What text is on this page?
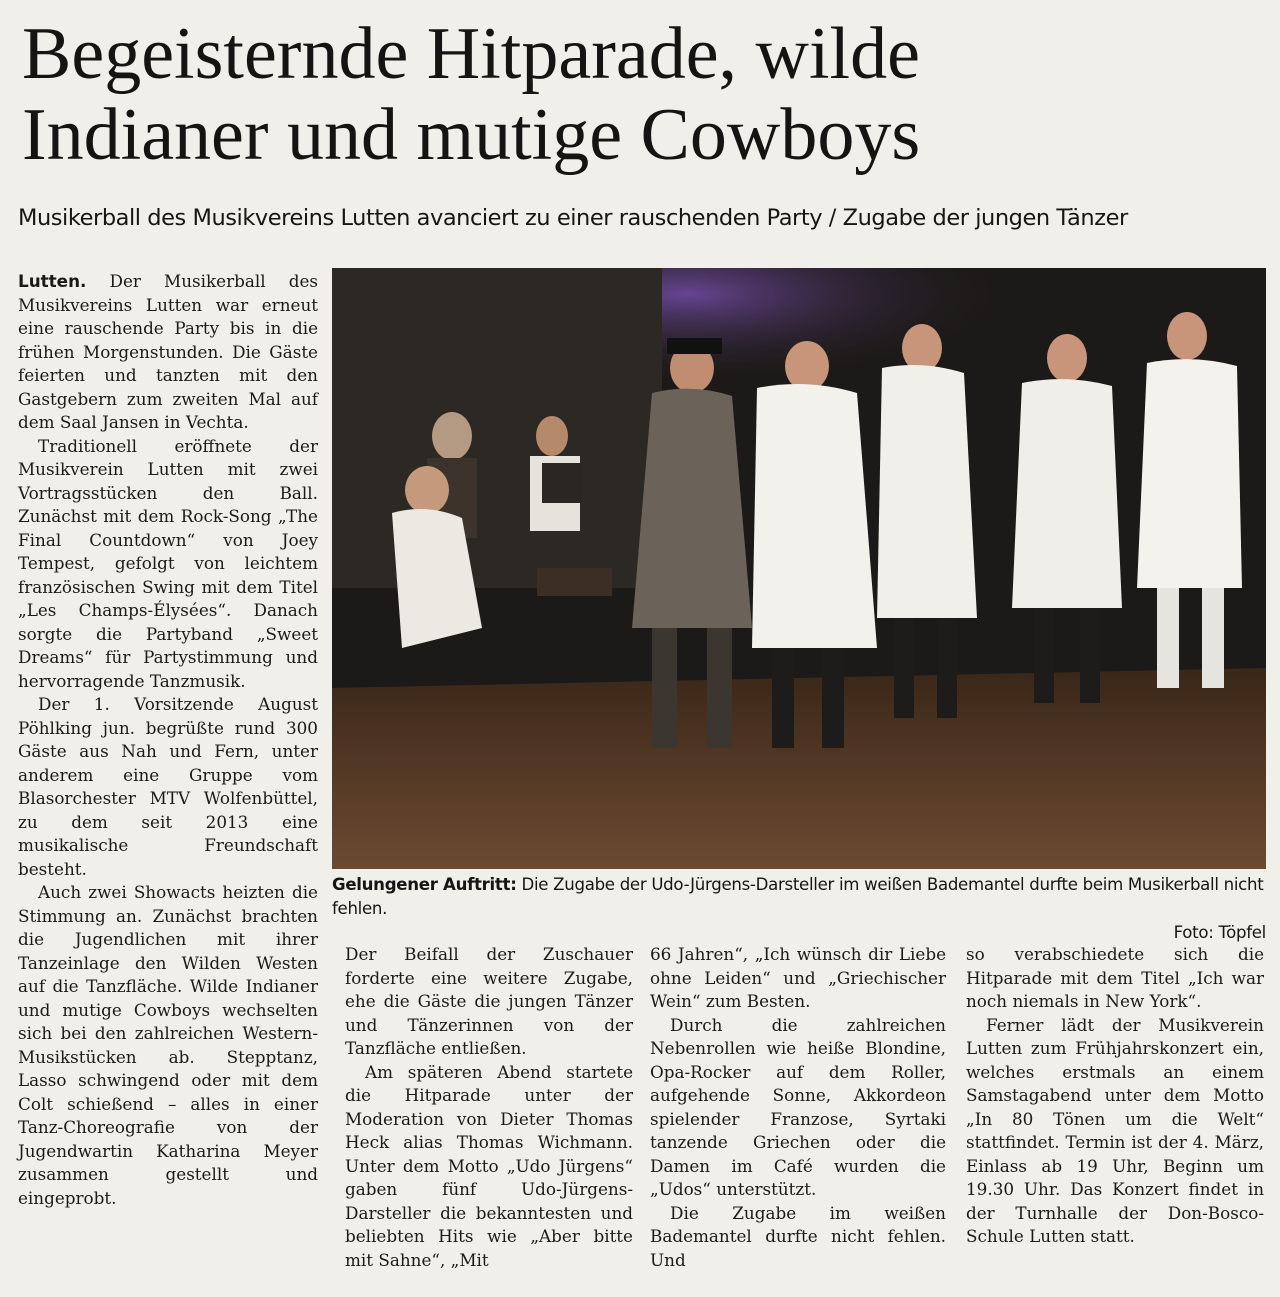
Begeisternde Hitparade, wilde
Indianer und mutige Cowboys
Musikerball des Musikvereins Lutten avanciert zu einer rauschenden Party / Zugabe der jungen Tänzer

Lutten. Der Musikerball des Musikvereins Lutten war erneut eine rauschende Party bis in die frühen Morgenstunden. Die Gäste feierten und tanzten mit den Gastgebern zum zweiten Mal auf dem Saal Jansen in Vechta.

Traditionell eröffnete der Musikverein Lutten mit zwei Vortragsstücken den Ball. Zunächst mit dem Rock-Song „The Final Countdown“ von Joey Tempest, gefolgt von leichtem französischen Swing mit dem Titel „Les Champs-Élysées“. Danach sorgte die Partyband „Sweet Dreams“ für Partystimmung und hervorragende Tanzmusik.

Der 1. Vorsitzende August Pöhlking jun. begrüßte rund 300 Gäste aus Nah und Fern, unter anderem eine Gruppe vom Blasorchester MTV Wolfenbüttel, zu dem seit 2013 eine musikalische Freundschaft besteht.

Auch zwei Showacts heizten die Stimmung an. Zunächst brachten die Jugendlichen mit ihrer Tanzeinlage den Wilden Westen auf die Tanzfläche. Wilde Indianer und mutige Cowboys wechselten sich bei den zahlreichen Western-Musikstücken ab. Stepptanz, Lasso schwingend oder mit dem Colt schießend – alles in einer Tanz-Choreografie von der Jugendwartin Katharina Meyer zusammen gestellt und eingeprobt.

Gelungener Auftritt: Die Zugabe der Udo-Jürgens-Darsteller im weißen Bademantel durfte beim Musikerball nicht fehlen.
Foto: Töpfel

Der Beifall der Zuschauer forderte eine weitere Zugabe, ehe die Gäste die jungen Tänzer und Tänzerinnen von der Tanzfläche entließen.

Am späteren Abend startete die Hitparade unter der Moderation von Dieter Thomas Heck alias Thomas Wichmann. Unter dem Motto „Udo Jürgens“ gaben fünf Udo-Jürgens-Darsteller die bekanntesten und beliebten Hits wie „Aber bitte mit Sahne“, „Mit

66 Jahren“, „Ich wünsch dir Liebe ohne Leiden“ und „Griechischer Wein“ zum Besten.

Durch die zahlreichen Nebenrollen wie heiße Blondine, Opa-Rocker auf dem Roller, aufgehende Sonne, Akkordeon spielender Franzose, Syrtaki tanzende Griechen oder die Damen im Café wurden die „Udos“ unterstützt.

Die Zugabe im weißen Bademantel durfte nicht fehlen. Und

so verabschiedete sich die Hitparade mit dem Titel „Ich war noch niemals in New York“.

Ferner lädt der Musikverein Lutten zum Frühjahrskonzert ein, welches erstmals an einem Samstagabend unter dem Motto „In 80 Tönen um die Welt“ stattfindet. Termin ist der 4. März, Einlass ab 19 Uhr, Beginn um 19.30 Uhr. Das Konzert findet in der Turnhalle der Don-Bosco-Schule Lutten statt.
